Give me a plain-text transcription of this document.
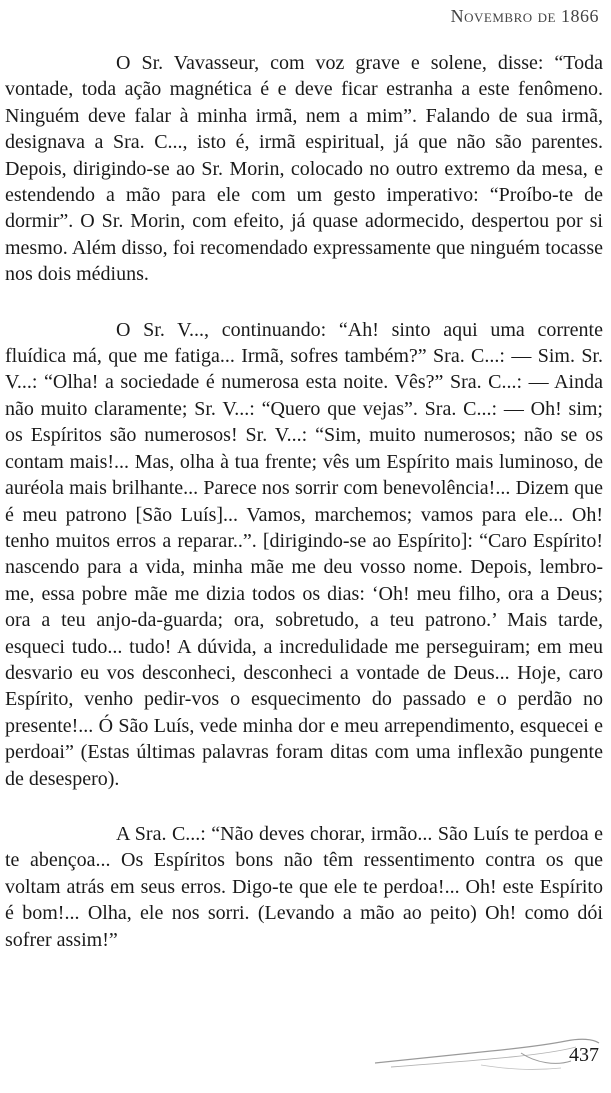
Novembro de 1866

O Sr. Vavasseur, com voz grave e solene, disse: “Toda vontade, toda ação magnética é e deve ficar estranha a este fenômeno. Ninguém deve falar à minha irmã, nem a mim”. Falando de sua irmã, designava a Sra. C..., isto é, irmã espiritual, já que não são parentes. Depois, dirigindo-se ao Sr. Morin, colocado no outro extremo da mesa, e estendendo a mão para ele com um gesto imperativo: “Proíbo-te de dormir”. O Sr. Morin, com efeito, já quase adormecido, despertou por si mesmo. Além disso, foi recomendado expressamente que ninguém tocasse nos dois médiuns.

O Sr. V..., continuando: “Ah! sinto aqui uma corrente fluídica má, que me fatiga... Irmã, sofres também?” Sra. C...: — Sim. Sr. V...: “Olha! a sociedade é numerosa esta noite. Vês?” Sra. C...: — Ainda não muito claramente; Sr. V...: “Quero que vejas”. Sra. C...: — Oh! sim; os Espíritos são numerosos! Sr. V...: “Sim, muito numerosos; não se os contam mais!... Mas, olha à tua frente; vês um Espírito mais luminoso, de auréola mais brilhante... Parece nos sorrir com benevolência!... Dizem que é meu patrono [São Luís]... Vamos, marchemos; vamos para ele... Oh! tenho muitos erros a reparar..”. [dirigindo-se ao Espírito]: “Caro Espírito! nascendo para a vida, minha mãe me deu vosso nome. Depois, lembro-me, essa pobre mãe me dizia todos os dias: ‘Oh! meu filho, ora a Deus; ora a teu anjo-da-guarda; ora, sobretudo, a teu patrono.’ Mais tarde, esqueci tudo... tudo! A dúvida, a incredulidade me perseguiram; em meu desvario eu vos desconheci, desconheci a vontade de Deus... Hoje, caro Espírito, venho pedir-vos o esquecimento do passado e o perdão no presente!... Ó São Luís, vede minha dor e meu arrependimento, esquecei e perdoai” (Estas últimas palavras foram ditas com uma inflexão pungente de desespero).

A Sra. C...: “Não deves chorar, irmão... São Luís te perdoa e te abençoa... Os Espíritos bons não têm ressentimento contra os que voltam atrás em seus erros. Digo-te que ele te perdoa!... Oh! este Espírito é bom!... Olha, ele nos sorri. (Levando a mão ao peito) Oh! como dói sofrer assim!”

437
